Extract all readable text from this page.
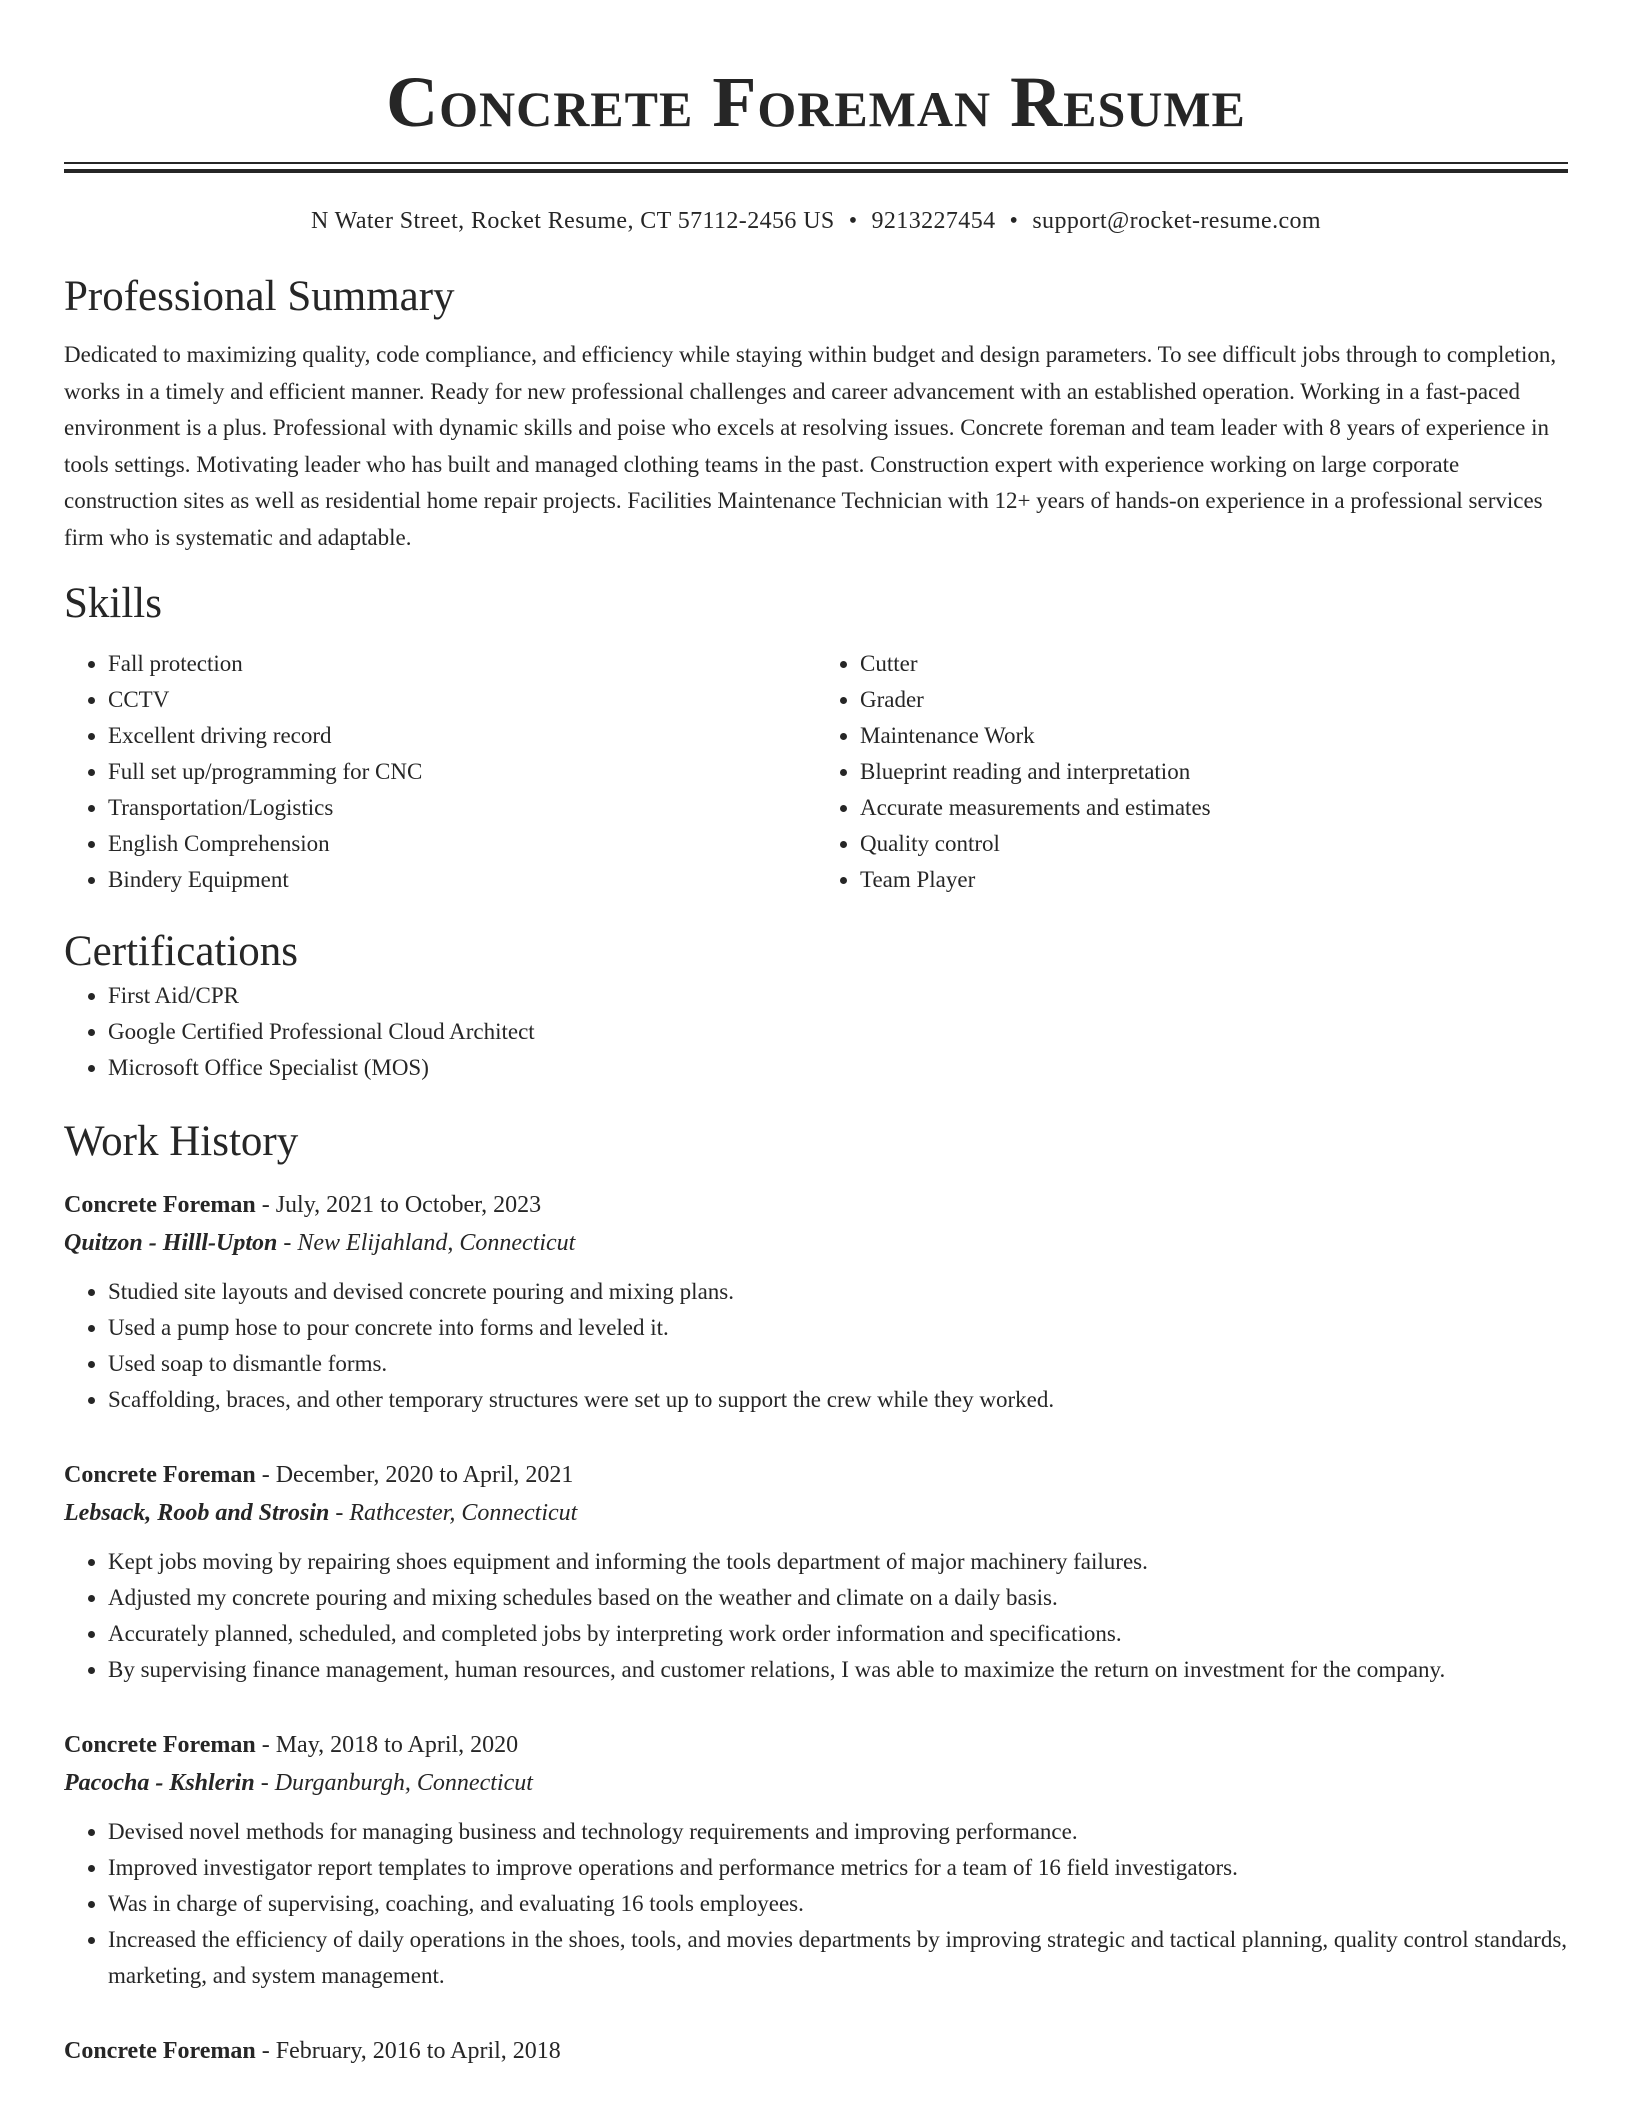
Concrete Foreman Resume
N Water Street, Rocket Resume, CT 57112-2456 US • 9213227454 • support@rocket-resume.com
Professional Summary

Dedicated to maximizing quality, code compliance, and efficiency while staying within budget and design parameters. To see difficult jobs through to completion, works in a timely and efficient manner. Ready for new professional challenges and career advancement with an established operation. Working in a fast-paced environment is a plus. Professional with dynamic skills and poise who excels at resolving issues. Concrete foreman and team leader with 8 years of experience in tools settings. Motivating leader who has built and managed clothing teams in the past. Construction expert with experience working on large corporate construction sites as well as residential home repair projects. Facilities Maintenance Technician with 12+ years of hands-on experience in a professional services firm who is systematic and adaptable.

Skills
• Fall protection
• CCTV
• Excellent driving record
• Full set up/programming for CNC
• Transportation/Logistics
• English Comprehension
• Bindery Equipment
• Cutter
• Grader
• Maintenance Work
• Blueprint reading and interpretation
• Accurate measurements and estimates
• Quality control
• Team Player
Certifications
• First Aid/CPR
• Google Certified Professional Cloud Architect
• Microsoft Office Specialist (MOS)
Work History
Concrete Foreman - July, 2021 to October, 2023
Quitzon - Hilll-Upton - New Elijahland, Connecticut
• Studied site layouts and devised concrete pouring and mixing plans.
• Used a pump hose to pour concrete into forms and leveled it.
• Used soap to dismantle forms.
• Scaffolding, braces, and other temporary structures were set up to support the crew while they worked.
Concrete Foreman - December, 2020 to April, 2021
Lebsack, Roob and Strosin - Rathcester, Connecticut
• Kept jobs moving by repairing shoes equipment and informing the tools department of major machinery failures.
• Adjusted my concrete pouring and mixing schedules based on the weather and climate on a daily basis.
• Accurately planned, scheduled, and completed jobs by interpreting work order information and specifications.
• By supervising finance management, human resources, and customer relations, I was able to maximize the return on investment for the company.
Concrete Foreman - May, 2018 to April, 2020
Pacocha - Kshlerin - Durganburgh, Connecticut
• Devised novel methods for managing business and technology requirements and improving performance.
• Improved investigator report templates to improve operations and performance metrics for a team of 16 field investigators.
• Was in charge of supervising, coaching, and evaluating 16 tools employees.
• Increased the efficiency of daily operations in the shoes, tools, and movies departments by improving strategic and tactical planning, quality control standards, marketing, and system management.
Concrete Foreman - February, 2016 to April, 2018
